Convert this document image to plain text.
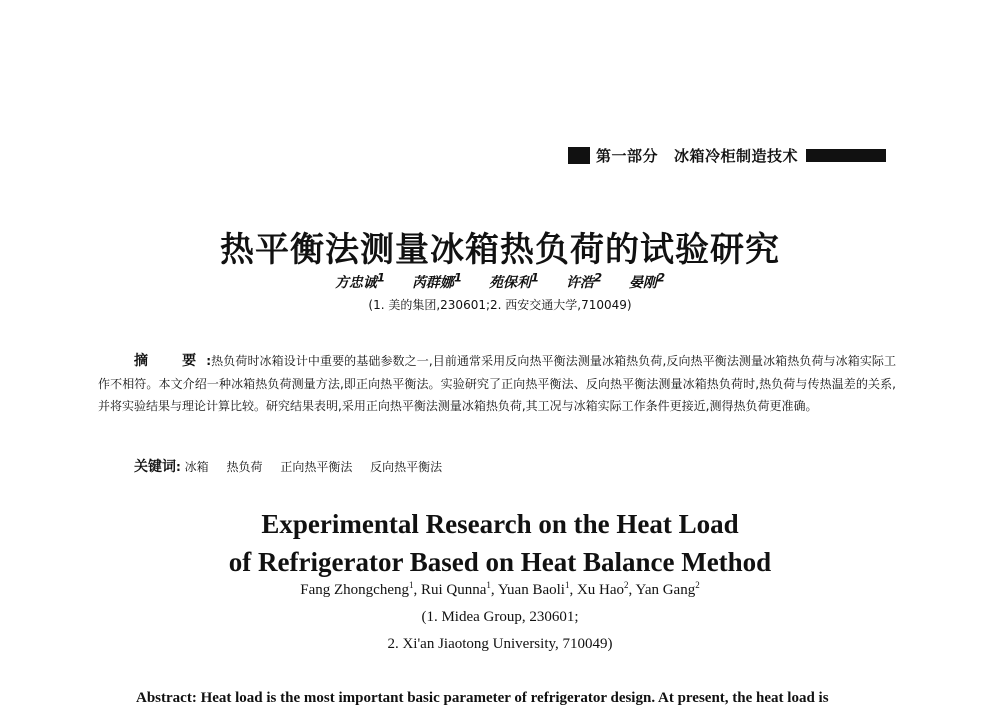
第一部分 冰箱冷柜制造技术
热平衡法测量冰箱热负荷的试验研究
方忠诚$^1$ 芮群娜$^1$ 苑保利$^1$ 许浩$^2$ 晏刚$^2$
(1. 美的集团,230601;2. 西安交通大学,710049)

摘　要:热负荷时冰箱设计中重要的基础参数之一,目前通常采用反向热平衡法测量冰箱热负荷,反向热平衡法测量冰箱热负荷与冰箱实际工作不相符。本文介绍一种冰箱热负荷测量方法,即正向热平衡法。实验研究了正向热平衡法、反向热平衡法测量冰箱热负荷时,热负荷与传热温差的关系,并将实验结果与理论计算比较。研究结果表明,采用正向热平衡法测量冰箱热负荷,其工况与冰箱实际工作条件更接近,测得热负荷更准确。

关键词: 冰箱 热负荷 正向热平衡法 反向热平衡法
Experimental Research on the Heat Load
of Refrigerator Based on Heat Balance Method
Fang Zhongcheng$^1$, Rui Qunna$^1$, Yuan Baoli$^1$, Xu Hao$^2$, Yan Gang$^2$
(1. Midea Group, 230601;
2. Xi'an Jiaotong University, 710049)
Abstract: Heat load is the most important basic parameter of refrigerator design. At present, the heat load is
